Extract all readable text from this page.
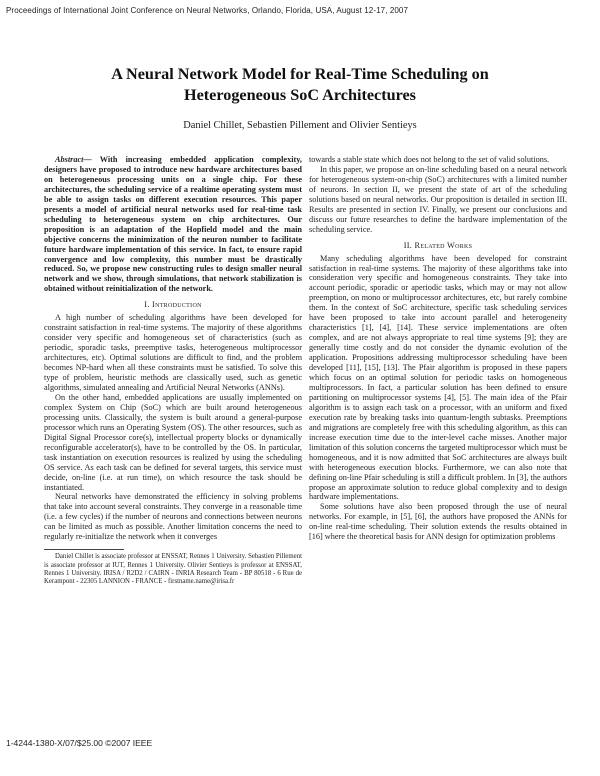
Proceedings of International Joint Conference on Neural Networks, Orlando, Florida, USA, August 12-17, 2007
A Neural Network Model for Real-Time Scheduling on
Heterogeneous SoC Architectures
Daniel Chillet, Sebastien Pillement and Olivier Sentieys

Abstract— With increasing embedded application complexity, designers have proposed to introduce new hardware architectures based on heterogeneous processing units on a single chip. For these architectures, the scheduling service of a realtime operating system must be able to assign tasks on different execution resources. This paper presents a model of artificial neural networks used for real-time task scheduling to heterogeneous system on chip architectures. Our proposition is an adaptation of the Hopfield model and the main objective concerns the minimization of the neuron number to facilitate future hardware implementation of this service. In fact, to ensure rapid convergence and low complexity, this number must be drastically reduced. So, we propose new constructing rules to design smaller neural network and we show, through simulations, that network stabilization is obtained without reinitialization of the network.

I. Introduction

A high number of scheduling algorithms have been developed for constraint satisfaction in real-time systems. The majority of these algorithms consider very specific and homogeneous set of characteristics (such as periodic, sporadic tasks, preemptive tasks, heterogeneous multiprocessor architectures, etc). Optimal solutions are difficult to find, and the problem becomes NP-hard when all these constraints must be satisfied. To solve this type of problem, heuristic methods are classically used, such as genetic algorithms, simulated annealing and Artificial Neural Networks (ANNs).

On the other hand, embedded applications are usually implemented on complex System on Chip (SoC) which are built around heterogeneous processing units. Classically, the system is built around a general-purpose processor which runs an Operating System (OS). The other resources, such as Digital Signal Processor core(s), intellectual property blocks or dynamically reconfigurable accelerator(s), have to be controlled by the OS. In particular, task instantiation on execution resources is realized by using the scheduling OS service. As each task can be defined for several targets, this service must decide, on-line (i.e. at run time), on which resource the task should be instantiated.

Neural networks have demonstrated the efficiency in solving problems that take into account several constraints. They converge in a reasonable time (i.e. a few cycles) if the number of neurons and connections between neurons can be limited as much as possible. Another limitation concerns the need to regularly re-initialize the network when it converges

Daniel Chillet is associate professor at ENSSAT, Rennes 1 University. Sebastien Pillement is associate professor at IUT, Rennes 1 University. Olivier Sentieys is professor at ENSSAT, Rennes 1 University. IRISA / R2D2 / CAIRN - INRIA Research Team - BP 80518 - 6 Rue de Kerampont - 22305 LANNION - FRANCE - firstname.name@irisa.fr

towards a stable state which does not belong to the set of valid solutions.

In this paper, we propose an on-line scheduling based on a neural network for heterogeneous system-on-chip (SoC) architectures with a limited number of neurons. In section II, we present the state of art of the scheduling solutions based on neural networks. Our proposition is detailed in section III. Results are presented in section IV. Finally, we present our conclusions and discuss our future researches to define the hardware implementation of the scheduling service.

II. Related Works

Many scheduling algorithms have been developed for constraint satisfaction in real-time systems. The majority of these algorithms take into consideration very specific and homogeneous constraints. They take into account periodic, sporadic or aperiodic tasks, which may or may not allow preemption, on mono or multiprocessor architectures, etc, but rarely combine them. In the context of SoC architecture, specific task scheduling services have been proposed to take into account parallel and heterogeneity characteristics [1], [4], [14]. These service implementations are often complex, and are not always appropriate to real time systems [9]; they are generally time costly and do not consider the dynamic evolution of the application. Propositions addressing multiprocessor scheduling have been developed [11], [15], [13]. The Pfair algorithm is proposed in these papers which focus on an optimal solution for periodic tasks on homogeneous multiprocessors. In fact, a particular solution has been defined to ensure partitioning on multiprocessor systems [4], [5]. The main idea of the Pfair algorithm is to assign each task on a processor, with an uniform and fixed execution rate by breaking tasks into quantum-length subtasks. Preemptions and migrations are completely free with this scheduling algorithm, as this can increase execution time due to the inter-level cache misses. Another major limitation of this solution concerns the targeted multiprocessor which must be homogeneous, and it is now admitted that SoC architectures are always built with heterogeneous execution blocks. Furthermore, we can also note that defining on-line Pfair scheduling is still a difficult problem. In [3], the authors propose an approximate solution to reduce global complexity and to design hardware implementations.

Some solutions have also been proposed through the use of neural networks. For example, in [5], [6], the authors have proposed the ANNs for on-line real-time scheduling. Their solution extends the results obtained in [16] where the theoretical basis for ANN design for optimization problems

1-4244-1380-X/07/$25.00 ©2007 IEEE
